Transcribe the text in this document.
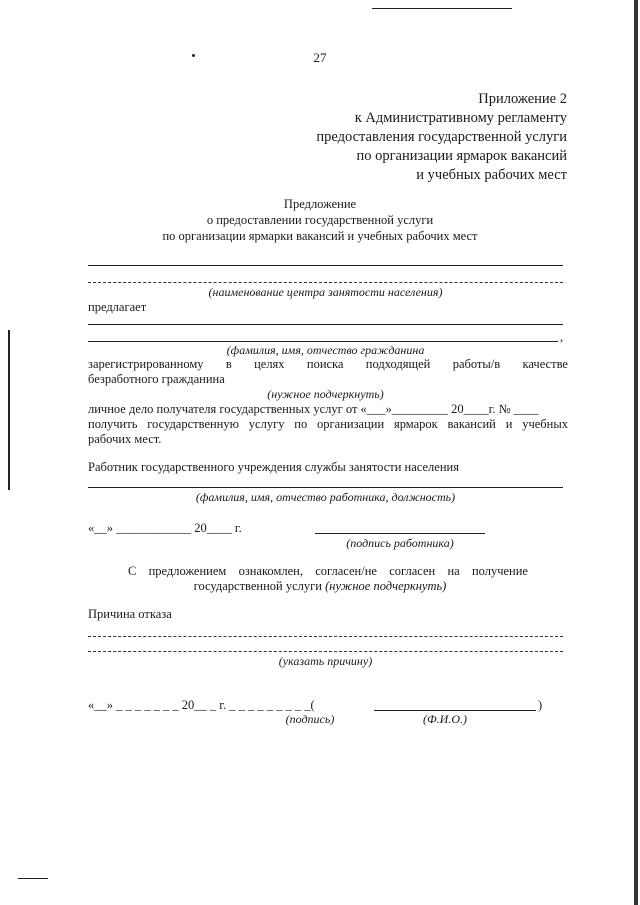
27
Приложение 2
к Административному регламенту
предоставления государственной услуги
по организации ярмарок вакансий
и учебных рабочих мест
Предложение
о предоставлении государственной услуги
по организации ярмарки вакансий и учебных рабочих мест
(наименование центра занятости населения)
предлагает
,
(фамилия, имя, отчество гражданина
зарегистрированному в целях поиска подходящей работы/в качестве
безработного гражданина
(нужное подчеркнуть)
личное дело получателя государственных услуг от «___»_________ 20____г. № ____
получить государственную услугу по организации ярмарок вакансий и учебных
рабочих мест.
Работник государственного учреждения службы занятости населения
(фамилия, имя, отчество работника, должность)
«__» ____________ 20____ г.
(подпись работника)
С предложением ознакомлен, согласен/не согласен на получение
государственной услуги (нужное подчеркнуть)
Причина отказа
(указать причину)
«__» _ _ _ _ _ _ _ 20__ _ г. _ _ _ _ _ _ _ _ _(	)
(подпись)	(Ф.И.О.)
